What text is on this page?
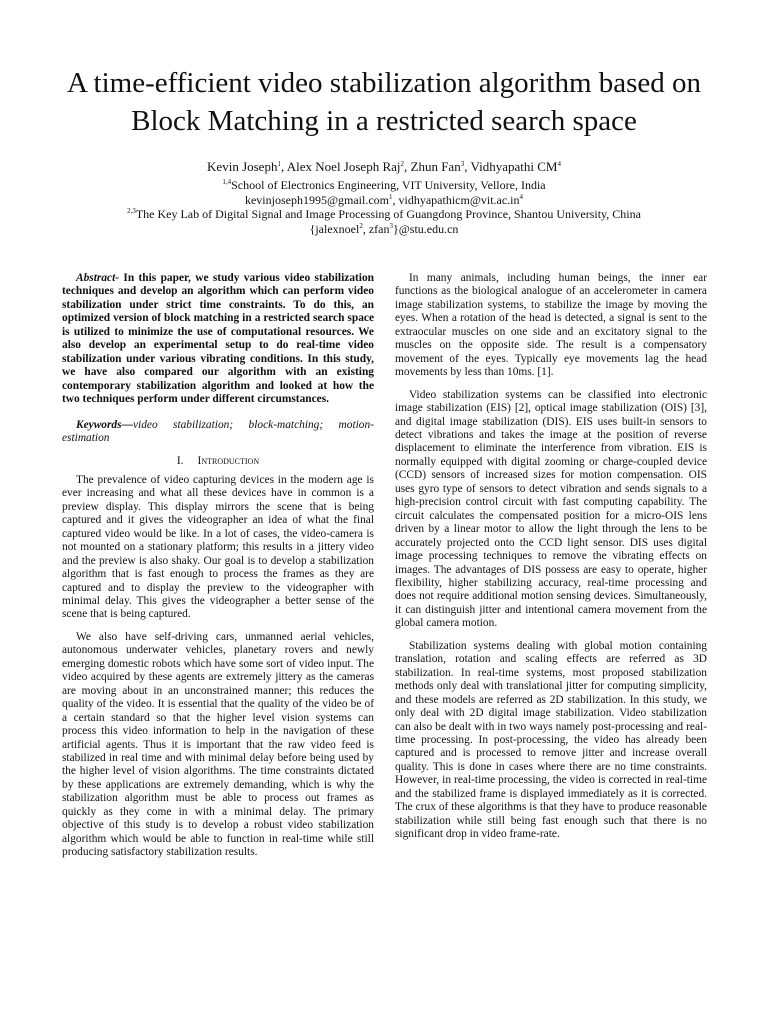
A time-efficient video stabilization algorithm based on Block Matching in a restricted search space
Kevin Joseph$^1$, Alex Noel Joseph Raj$^2$, Zhun Fan$^3$, Vidhyapathi $CM^4$
$^{1,4}$School of Electronics Engineering, VIT University, Vellore, India
kevinjoseph1995@gmail.com$^1$, $vidhyapathicm@vit.ac.in^4$
$^{2,3}$The Key Lab of Digital Signal and Image Processing of Guangdong Province, Shantou University, China
{jalexnoel$^2$, zfan$^3$}@stu.edu.cn

Abstract- In this paper, we study various video stabilization techniques and develop an algorithm which can perform video stabilization under strict time constraints. To do this, an optimized version of block matching in a restricted search space is utilized to minimize the use of computational resources. We also develop an experimental setup to do real-time video stabilization under various vibrating conditions. In this study, we have also compared our algorithm with an existing contemporary stabilization algorithm and looked at how the two techniques perform under different circumstances.

Keywords—video stabilization; block-matching; motion-estimation

I. Introduction

The prevalence of video capturing devices in the modern age is ever increasing and what all these devices have in common is a preview display. This display mirrors the scene that is being captured and it gives the videographer an idea of what the final captured video would be like. In a lot of cases, the video-camera is not mounted on a stationary platform; this results in a jittery video and the preview is also shaky. Our goal is to develop a stabilization algorithm that is fast enough to process the frames as they are captured and to display the preview to the videographer with minimal delay. This gives the videographer a better sense of the scene that is being captured.

We also have self-driving cars, unmanned aerial vehicles, autonomous underwater vehicles, planetary rovers and newly emerging domestic robots which have some sort of video input. The video acquired by these agents are extremely jittery as the cameras are moving about in an unconstrained manner; this reduces the quality of the video. It is essential that the quality of the video be of a certain standard so that the higher level vision systems can process this video information to help in the navigation of these artificial agents. Thus it is important that the raw video feed is stabilized in real time and with minimal delay before being used by the higher level of vision algorithms. The time constraints dictated by these applications are extremely demanding, which is why the stabilization algorithm must be able to process out frames as quickly as they come in with a minimal delay. The primary objective of this study is to develop a robust video stabilization algorithm which would be able to function in real-time while still producing satisfactory stabilization results.

In many animals, including human beings, the inner ear functions as the biological analogue of an accelerometer in camera image stabilization systems, to stabilize the image by moving the eyes. When a rotation of the head is detected, a signal is sent to the extraocular muscles on one side and an excitatory signal to the muscles on the opposite side. The result is a compensatory movement of the eyes. Typically eye movements lag the head movements by less than 10ms. [1].

Video stabilization systems can be classified into electronic image stabilization (EIS) [2], optical image stabilization (OIS) [3], and digital image stabilization (DIS). EIS uses built-in sensors to detect vibrations and takes the image at the position of reverse displacement to eliminate the interference from vibration. EIS is normally equipped with digital zooming or charge-coupled device (CCD) sensors of increased sizes for motion compensation. OIS uses gyro type of sensors to detect vibration and sends signals to a high-precision control circuit with fast computing capability. The circuit calculates the compensated position for a micro-OIS lens driven by a linear motor to allow the light through the lens to be accurately projected onto the CCD light sensor. DIS uses digital image processing techniques to remove the vibrating effects on images. The advantages of DIS possess are easy to operate, higher flexibility, higher stabilizing accuracy, real-time processing and does not require additional motion sensing devices. Simultaneously, it can distinguish jitter and intentional camera movement from the global camera motion.

Stabilization systems dealing with global motion containing translation, rotation and scaling effects are referred as 3D stabilization. In real-time systems, most proposed stabilization methods only deal with translational jitter for computing simplicity, and these models are referred as 2D stabilization. In this study, we only deal with 2D digital image stabilization. Video stabilization can also be dealt with in two ways namely post-processing and real-time processing. In post-processing, the video has already been captured and is processed to remove jitter and increase overall quality. This is done in cases where there are no time constraints. However, in real-time processing, the video is corrected in real-time and the stabilized frame is displayed immediately as it is corrected. The crux of these algorithms is that they have to produce reasonable stabilization while still being fast enough such that there is no significant drop in video frame-rate.
